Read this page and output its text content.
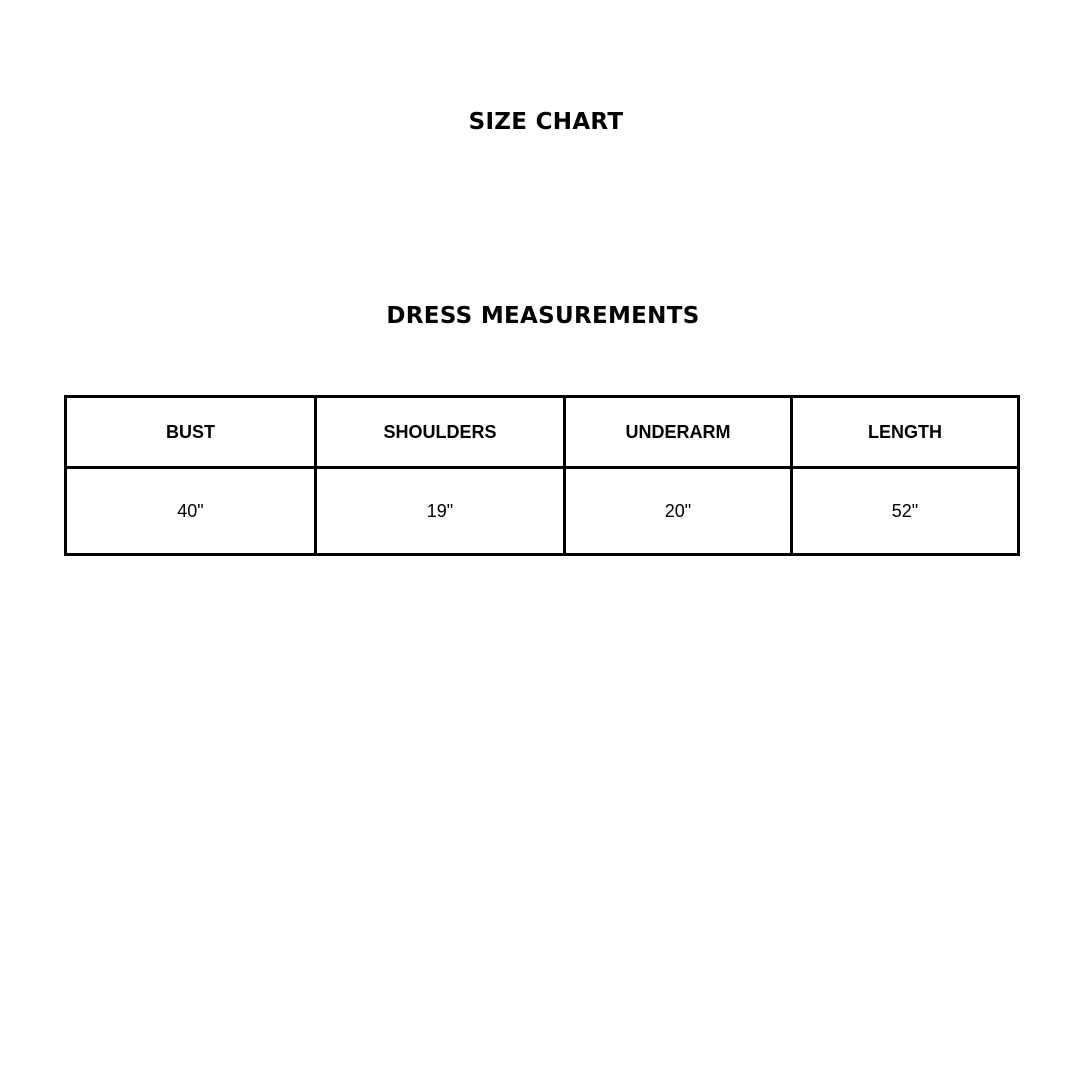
SIZE CHART
DRESS MEASUREMENTS
BUST	SHOULDERS	UNDERARM	LENGTH
40"	19"	20"	52"
